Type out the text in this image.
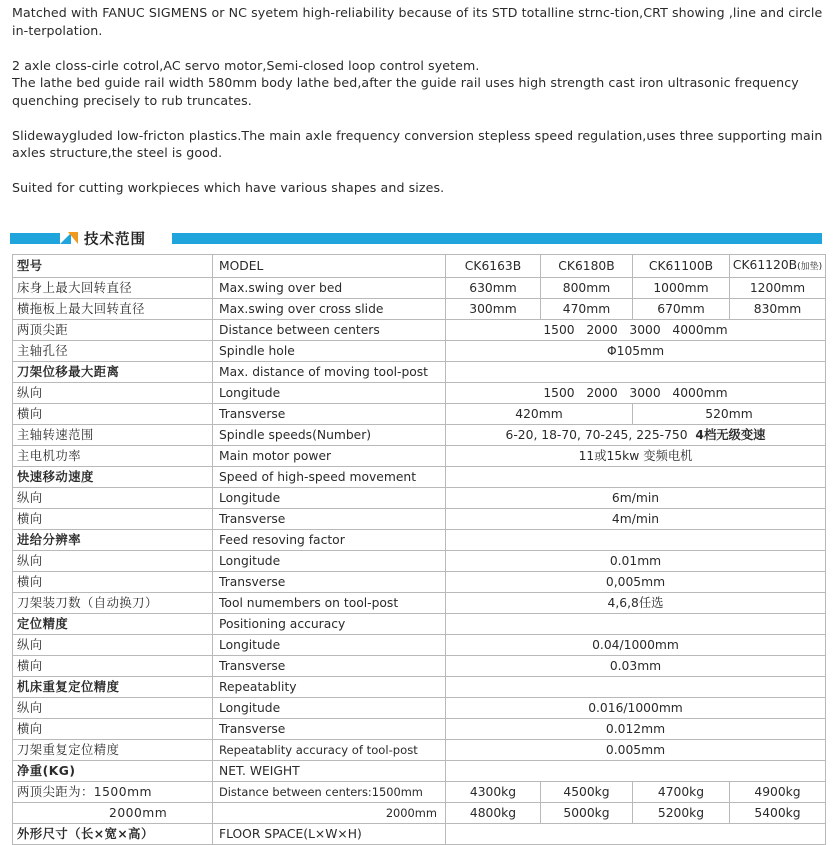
Matched with FANUC SIGMENS or NC syetem high-reliability because of its STD totalline strnc-tion,CRT showing ,line and circle in-terpolation.

2 axle closs-cirle cotrol,AC servo motor,Semi-closed loop control syetem.

The lathe bed guide rail width 580mm body lathe bed,after the guide rail uses high strength cast iron ultrasonic frequency quenching precisely to rub truncates.

Slidewaygluded low-fricton plastics.The main axle frequency conversion stepless speed regulation,uses three supporting main axles structure,the steel is good.

Suited for cutting workpieces which have various shapes and sizes.

技术范围
型号	MODEL	CK6163B	CK6180B	CK61100B	CK61120B(加垫)
床身上最大回转直径	Max.swing over bed	630mm	800mm	1000mm	1200mm
横拖板上最大回转直径	Max.swing over cross slide	300mm	470mm	670mm	830mm
两顶尖距	Distance between centers	1500   2000   3000   4000mm			
主轴孔径	Spindle hole	Φ105mm			
刀架位移最大距离	Max. distance of moving tool-post				
纵向	Longitude	1500   2000   3000   4000mm			
横向	Transverse	420mm		520mm	
主轴转速范围	Spindle speeds(Number)	6-20, 18-70, 70-245, 225-750 4档无级变速			
主电机功率	Main motor power	11或15kw 变频电机			
快速移动速度	Speed of high-speed movement				
纵向	Longitude	6m/min			
横向	Transverse	4m/min			
进给分辨率	Feed resoving factor				
纵向	Longitude	0.01mm			
横向	Transverse	0,005mm			
刀架装刀数（自动换刀）	Tool numembers on tool-post	4,6,8任选			
定位精度	Positioning accuracy				
纵向	Longitude	0.04/1000mm			
横向	Transverse	0.03mm			
机床重复定位精度	Repeatablity				
纵向	Longitude	0.016/1000mm			
横向	Transverse	0.012mm			
刀架重复定位精度	Repeatablity accuracy of tool-post	0.005mm			
净重(KG)	NET. WEIGHT				
两顶尖距为：1500mm	Distance between centers:1500mm	4300kg	4500kg	4700kg	4900kg
2000mm	2000mm	4800kg	5000kg	5200kg	5400kg
外形尺寸（长×宽×高）	FLOOR SPACE(L×W×H)				
